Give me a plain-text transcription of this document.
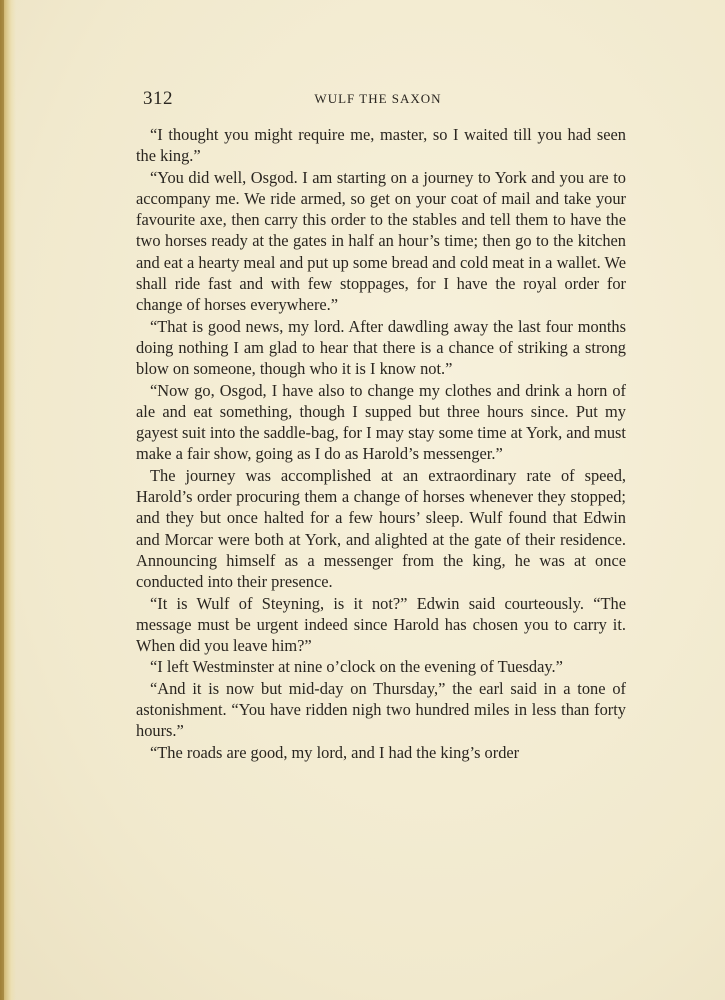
312	WULF THE SAXON

“I thought you might require me, master, so I waited till you had seen the king.”

“You did well, Osgod. I am starting on a journey to York and you are to accompany me. We ride armed, so get on your coat of mail and take your favourite axe, then carry this order to the stables and tell them to have the two horses ready at the gates in half an hour’s time; then go to the kitchen and eat a hearty meal and put up some bread and cold meat in a wallet. We shall ride fast and with few stoppages, for I have the royal order for change of horses everywhere.”

“That is good news, my lord. After dawdling away the last four months doing nothing I am glad to hear that there is a chance of striking a strong blow on someone, though who it is I know not.”

“Now go, Osgod, I have also to change my clothes and drink a horn of ale and eat something, though I supped but three hours since. Put my gayest suit into the saddle-bag, for I may stay some time at York, and must make a fair show, going as I do as Harold’s messenger.”

The journey was accomplished at an extraordinary rate of speed, Harold’s order procuring them a change of horses whenever they stopped; and they but once halted for a few hours’ sleep. Wulf found that Edwin and Morcar were both at York, and alighted at the gate of their residence. Announcing himself as a messenger from the king, he was at once conducted into their presence.

“It is Wulf of Steyning, is it not?” Edwin said courteously. “The message must be urgent indeed since Harold has chosen you to carry it. When did you leave him?”

“I left Westminster at nine o’clock on the evening of Tuesday.”

“And it is now but mid-day on Thursday,” the earl said in a tone of astonishment. “You have ridden nigh two hundred miles in less than forty hours.”

“The roads are good, my lord, and I had the king’s order
